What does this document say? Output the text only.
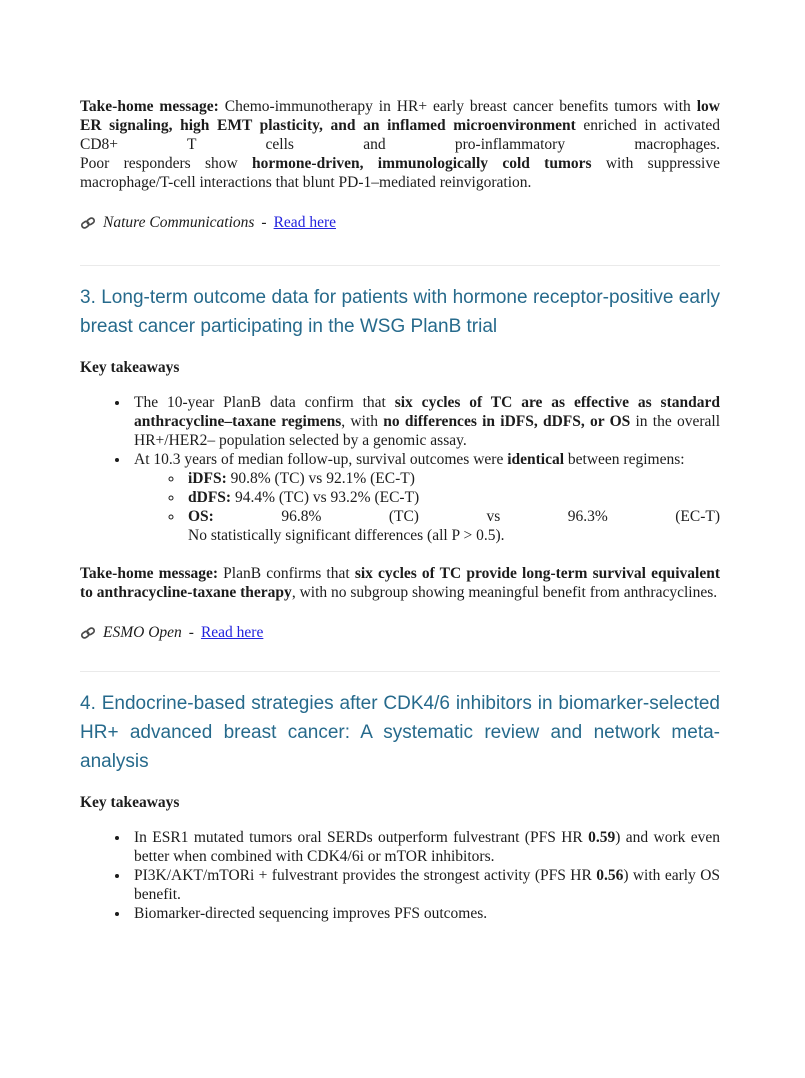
Take-home message: Chemo-immunotherapy in HR+ early breast cancer benefits tumors with low ER signaling, high EMT plasticity, and an inflamed microenvironment enriched in activated CD8+ T cells and pro-inflammatory macrophages.

Poor responders show hormone-driven, immunologically cold tumors with suppressive macrophage/T-cell interactions that blunt PD-1–mediated reinvigoration.

Nature Communications - Read here
3. Long-term outcome data for patients with hormone receptor-positive early breast cancer participating in the WSG PlanB trial
Key takeaways
• The 10-year PlanB data confirm that six cycles of TC are as effective as standard anthracycline–taxane regimens, with no differences in iDFS, dDFS, or OS in the overall HR+/HER2– population selected by a genomic assay.
• At 10.3 years of median follow-up, survival outcomes were identical between regimens:
◦ iDFS: 90.8% (TC) vs 92.1% (EC-T)
◦ dDFS: 94.4% (TC) vs 93.2% (EC-T)
◦ OS: 96.8% (TC) vs 96.3% (EC-T)
No statistically significant differences (all P > 0.5).

Take-home message: PlanB confirms that six cycles of TC provide long-term survival equivalent to anthracycline-taxane therapy, with no subgroup showing meaningful benefit from anthracyclines.

ESMO Open - Read here
4. Endocrine-based strategies after CDK4/6 inhibitors in biomarker-selected HR+ advanced breast cancer: A systematic review and network meta-analysis
Key takeaways
• In ESR1 mutated tumors oral SERDs outperform fulvestrant (PFS HR 0.59) and work even better when combined with CDK4/6i or mTOR inhibitors.
• PI3K/AKT/mTORi + fulvestrant provides the strongest activity (PFS HR 0.56) with early OS benefit.
• Biomarker-directed sequencing improves PFS outcomes.
